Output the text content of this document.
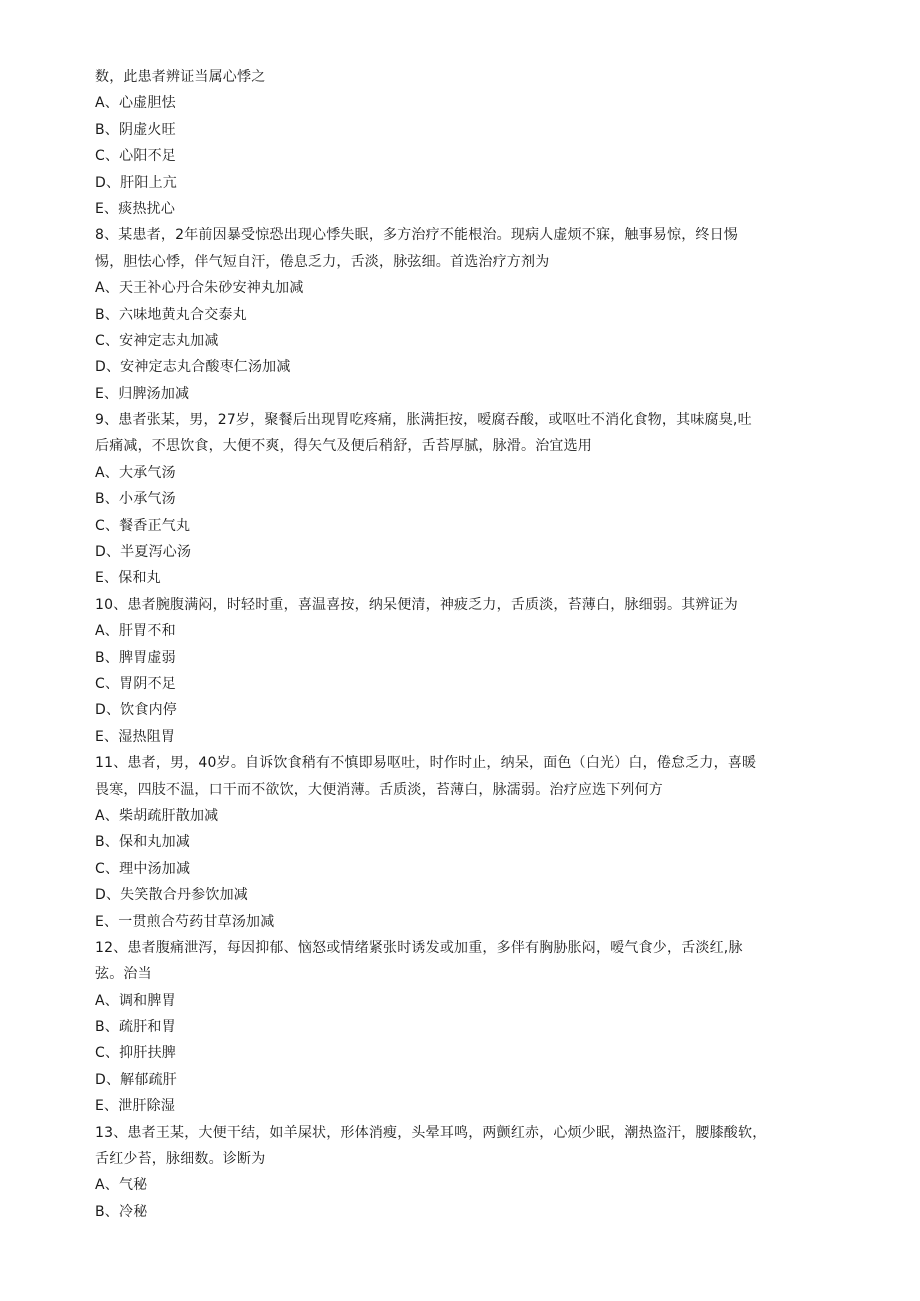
数，此患者辨证当属心悸之
A、心虚胆怯
B、阴虚火旺
C、心阳不足
D、肝阳上亢
E、痰热扰心
8、某患者，2年前因暴受惊恐出现心悸失眠，多方治疗不能根治。现病人虚烦不寐，触事易惊，终日惕
惕，胆怯心悸，伴气短自汗，倦息乏力，舌淡，脉弦细。首选治疗方剂为
A、天王补心丹合朱砂安神丸加减
B、六味地黄丸合交泰丸
C、安神定志丸加减
D、安神定志丸合酸枣仁汤加减
E、归脾汤加减
9、患者张某，男，27岁，聚餐后出现胃吃疼痛，胀满拒按，嗳腐吞酸，或呕吐不消化食物，其味腐臭,吐
后痛减，不思饮食，大便不爽，得矢气及便后稍舒，舌苔厚腻，脉滑。治宜选用
A、大承气汤
B、小承气汤
C、餐香正气丸
D、半夏泻心汤
E、保和丸
10、患者腕腹满闷，时轻时重，喜温喜按，纳呆便清，神疲乏力，舌质淡，苔薄白，脉细弱。其辨证为
A、肝胃不和
B、脾胃虚弱
C、胃阴不足
D、饮食内停
E、湿热阻胃
11、患者，男，40岁。自诉饮食稍有不慎即易呕吐，时作时止，纳呆，面色（白光）白，倦怠乏力，喜暖
畏寒，四肢不温，口干而不欲饮，大便消薄。舌质淡，苔薄白，脉濡弱。治疗应选下列何方
A、柴胡疏肝散加减
B、保和丸加减
C、理中汤加减
D、失笑散合丹参饮加减
E、一贯煎合芍药甘草汤加减
12、患者腹痛泄泻，每因抑郁、恼怒或情绪紧张时诱发或加重，多伴有胸胁胀闷，嗳气食少，舌淡红,脉
弦。治当
A、调和脾胃
B、疏肝和胃
C、抑肝扶脾
D、解郁疏肝
E、泄肝除湿
13、患者王某，大便干结，如羊屎状，形体消瘦，头晕耳鸣，两颤红赤，心烦少眠，潮热盗汗，腰膝酸软，
舌红少苔，脉细数。诊断为
A、气秘
B、冷秘
